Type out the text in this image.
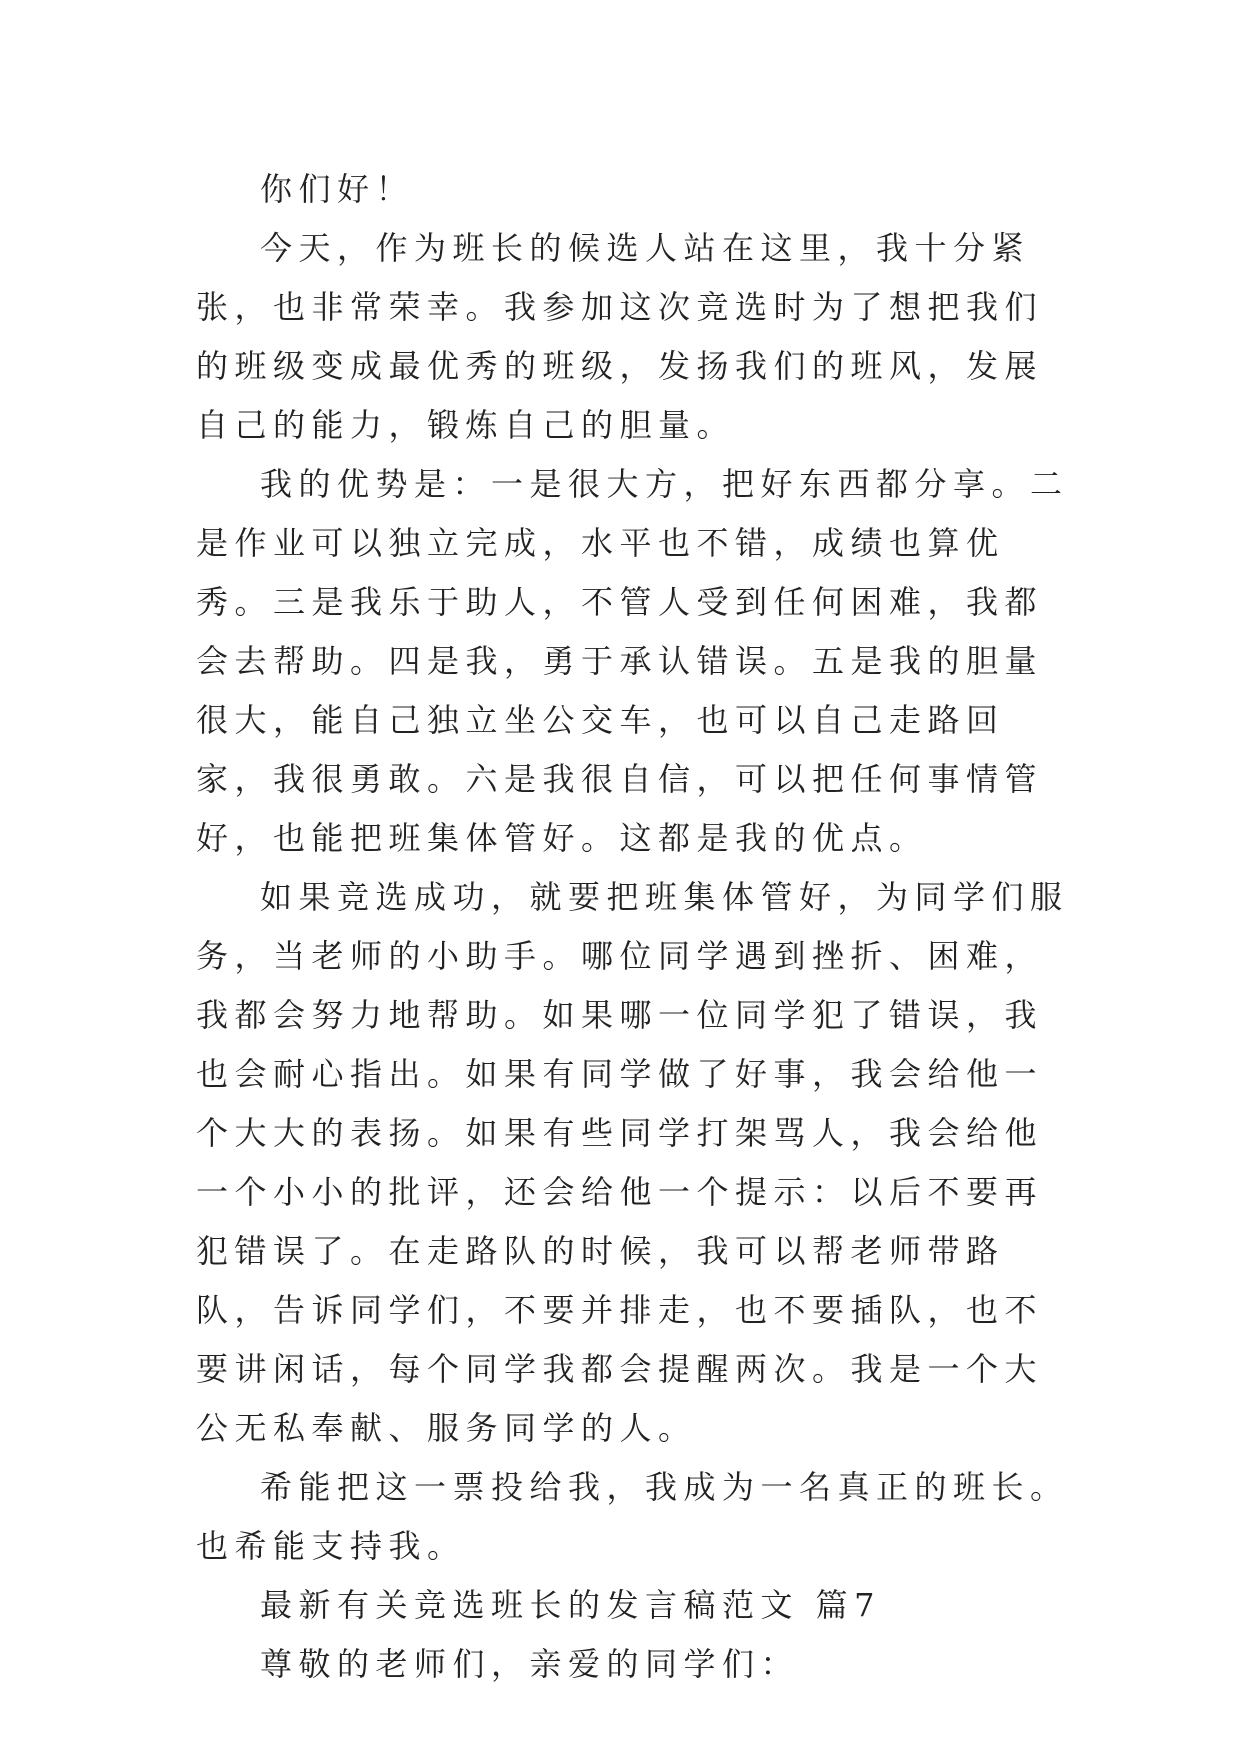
你们好！

今天，作为班长的候选人站在这里，我十分紧张，也非常荣幸。我参加这次竞选时为了想把我们的班级变成最优秀的班级，发扬我们的班风，发展自己的能力，锻炼自己的胆量。

我的优势是：一是很大方，把好东西都分享。二是作业可以独立完成，水平也不错，成绩也算优秀。三是我乐于助人，不管人受到任何困难，我都会去帮助。四是我，勇于承认错误。五是我的胆量很大，能自己独立坐公交车，也可以自己走路回家，我很勇敢。六是我很自信，可以把任何事情管好，也能把班集体管好。这都是我的优点。

如果竞选成功，就要把班集体管好，为同学们服务，当老师的小助手。哪位同学遇到挫折、困难，我都会努力地帮助。如果哪一位同学犯了错误，我也会耐心指出。如果有同学做了好事，我会给他一个大大的表扬。如果有些同学打架骂人，我会给他一个小小的批评，还会给他一个提示：以后不要再犯错误了。在走路队的时候，我可以帮老师带路队，告诉同学们，不要并排走，也不要插队，也不要讲闲话，每个同学我都会提醒两次。我是一个大公无私奉献、服务同学的人。

希能把这一票投给我，我成为一名真正的班长。也希能支持我。

最新有关竞选班长的发言稿范文 篇7

尊敬的老师们，亲爱的同学们：
